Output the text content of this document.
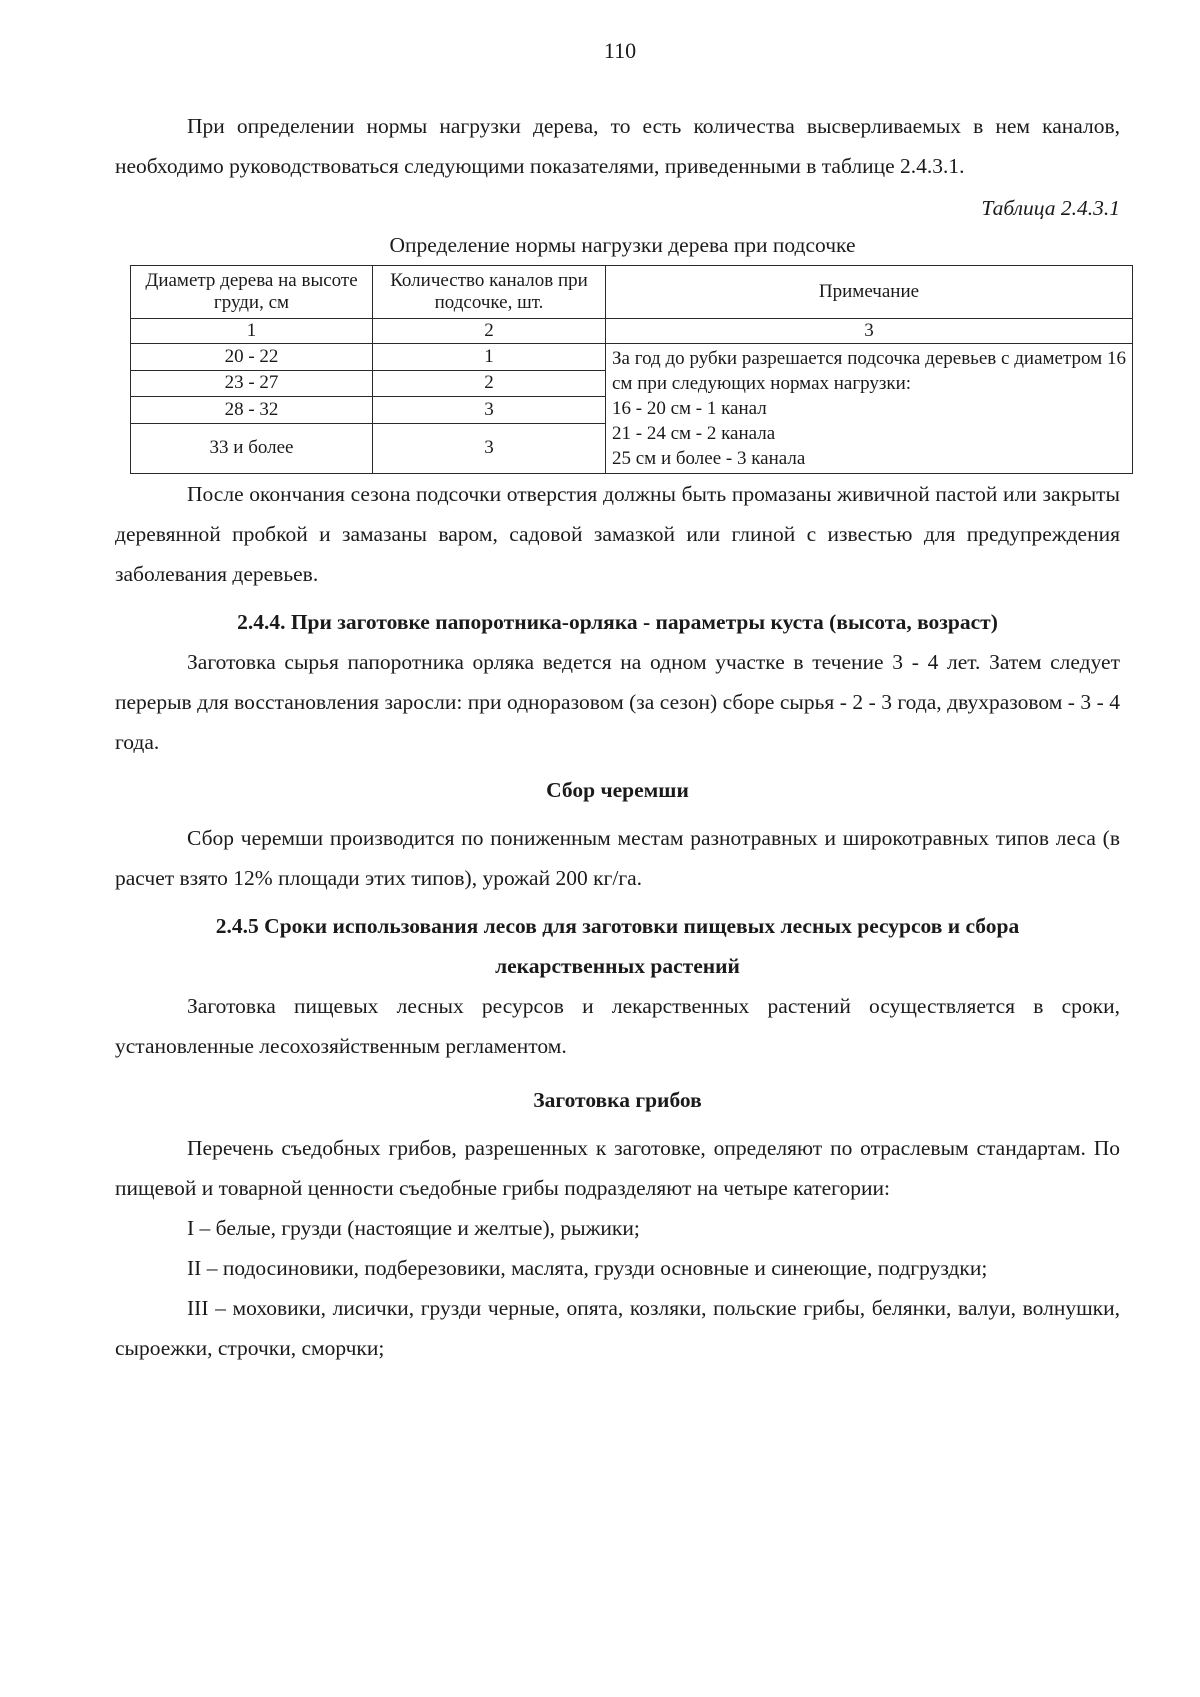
110

При определении нормы нагрузки дерева, то есть количества высверливаемых в нем каналов, необходимо руководствоваться следующими показателями, приведенными в таблице 2.4.3.1.

Таблица 2.4.3.1
Определение нормы нагрузки дерева при подсочке
Диаметр дерева на высоте груди, см	Количество каналов при подсочке, шт.	Примечание
1	2	3
20 - 22	1	За год до рубки разрешается подсочка деревьев с диаметром 16 см при следующих нормах нагрузки:
16 - 20 см - 1 канал
21 - 24 см - 2 канала
25 см и более - 3 канала

23 - 27	2	
28 - 32	3	
33 и более	3	

После окончания сезона подсочки отверстия должны быть промазаны живичной пастой или закрыты деревянной пробкой и замазаны варом, садовой замазкой или глиной с известью для предупреждения заболевания деревьев.

2.4.4. При заготовке папоротника-орляка - параметры куста (высота, возраст)

Заготовка сырья папоротника орляка ведется на одном участке в течение 3 - 4 лет. Затем следует перерыв для восстановления заросли: при одноразовом (за сезон) сборе сырья - 2 - 3 года, двухразовом - 3 - 4 года.

Сбор черемши

Сбор черемши производится по пониженным местам разнотравных и широкотравных типов леса (в расчет взято 12% площади этих типов), урожай 200 кг/га.

2.4.5 Сроки использования лесов для заготовки пищевых лесных ресурсов и сбора
лекарственных растений

Заготовка пищевых лесных ресурсов и лекарственных растений осуществляется в сроки, установленные лесохозяйственным регламентом.

Заготовка грибов

Перечень съедобных грибов, разрешенных к заготовке, определяют по отраслевым стандартам. По пищевой и товарной ценности съедобные грибы подразделяют на четыре категории:

I – белые, грузди (настоящие и желтые), рыжики;

II – подосиновики, подберезовики, маслята, грузди основные и синеющие, подгруздки;

III – моховики, лисички, грузди черные, опята, козляки, польские грибы, белянки, валуи, волнушки, сыроежки, строчки, сморчки;
